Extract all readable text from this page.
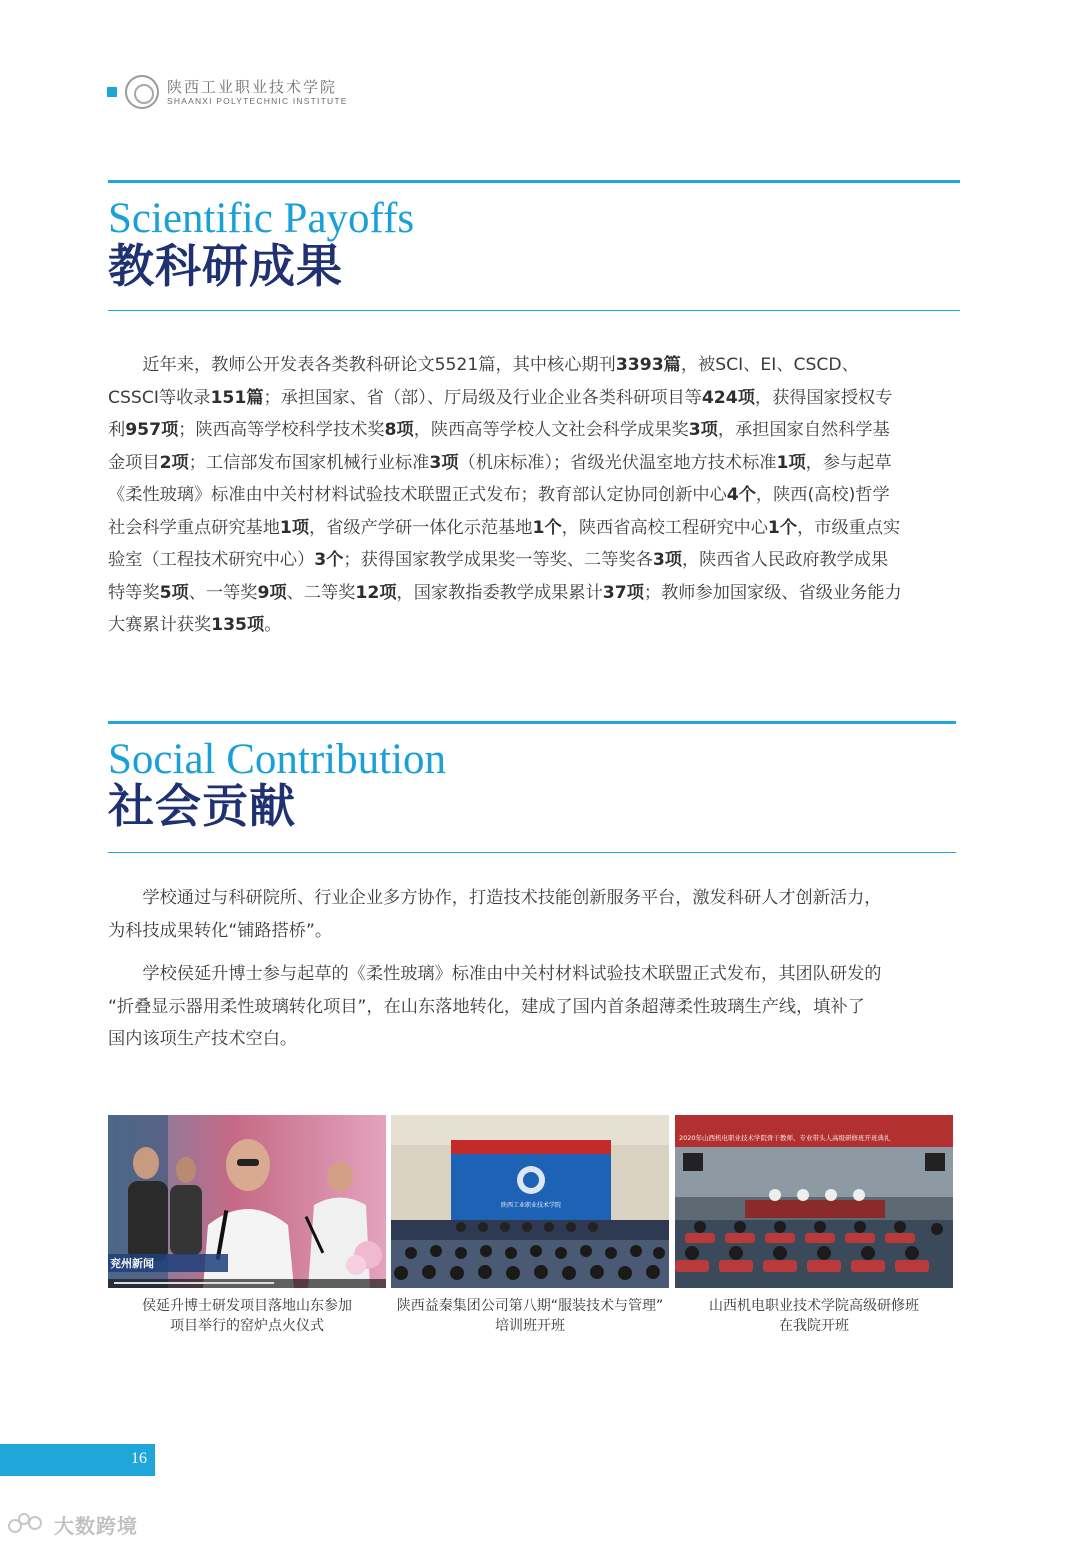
陕西工业职业技术学院
SHAANXI POLYTECHNIC INSTITUTE
Scientific Payoffs
教科研成果
　　近年来，教师公开发表各类教科研论文5521篇，其中核心期刊3393篇，被SCI、EI、CSCD、
CSSCI等收录151篇；承担国家、省（部）、厅局级及行业企业各类科研项目等424项，获得国家授权专
利957项；陕西高等学校科学技术奖8项，陕西高等学校人文社会科学成果奖3项，承担国家自然科学基
金项目2项；工信部发布国家机械行业标准3项（机床标准）；省级光伏温室地方技术标准1项，参与起草
《柔性玻璃》标准由中关村材料试验技术联盟正式发布；教育部认定协同创新中心4个，陕西(高校)哲学
社会科学重点研究基地1项，省级产学研一体化示范基地1个，陕西省高校工程研究中心1个，市级重点实
验室（工程技术研究中心）3个；获得国家教学成果奖一等奖、二等奖各3项，陕西省人民政府教学成果
特等奖5项、一等奖9项、二等奖12项，国家教指委教学成果累计37项；教师参加国家级、省级业务能力
大赛累计获奖135项。
Social Contribution
社会贡献
　　学校通过与科研院所、行业企业多方协作，打造技术技能创新服务平台，激发科研人才创新活力，
为科技成果转化“铺路搭桥”。
　　学校侯延升博士参与起草的《柔性玻璃》标准由中关村材料试验技术联盟正式发布，其团队研发的
“折叠显示器用柔性玻璃转化项目”，在山东落地转化，建成了国内首条超薄柔性玻璃生产线，填补了
国内该项生产技术空白。
兖州新闻
侯延升博士研发项目落地山东参加
项目举行的窑炉点火仪式
陕西工业职业技术学院
陕西益秦集团公司第八期“服装技术与管理”
培训班开班
2020年山西机电职业技术学院骨干教师、专业带头人高级研修班开班典礼
山西机电职业技术学院高级研修班
在我院开班
16
大数跨境
